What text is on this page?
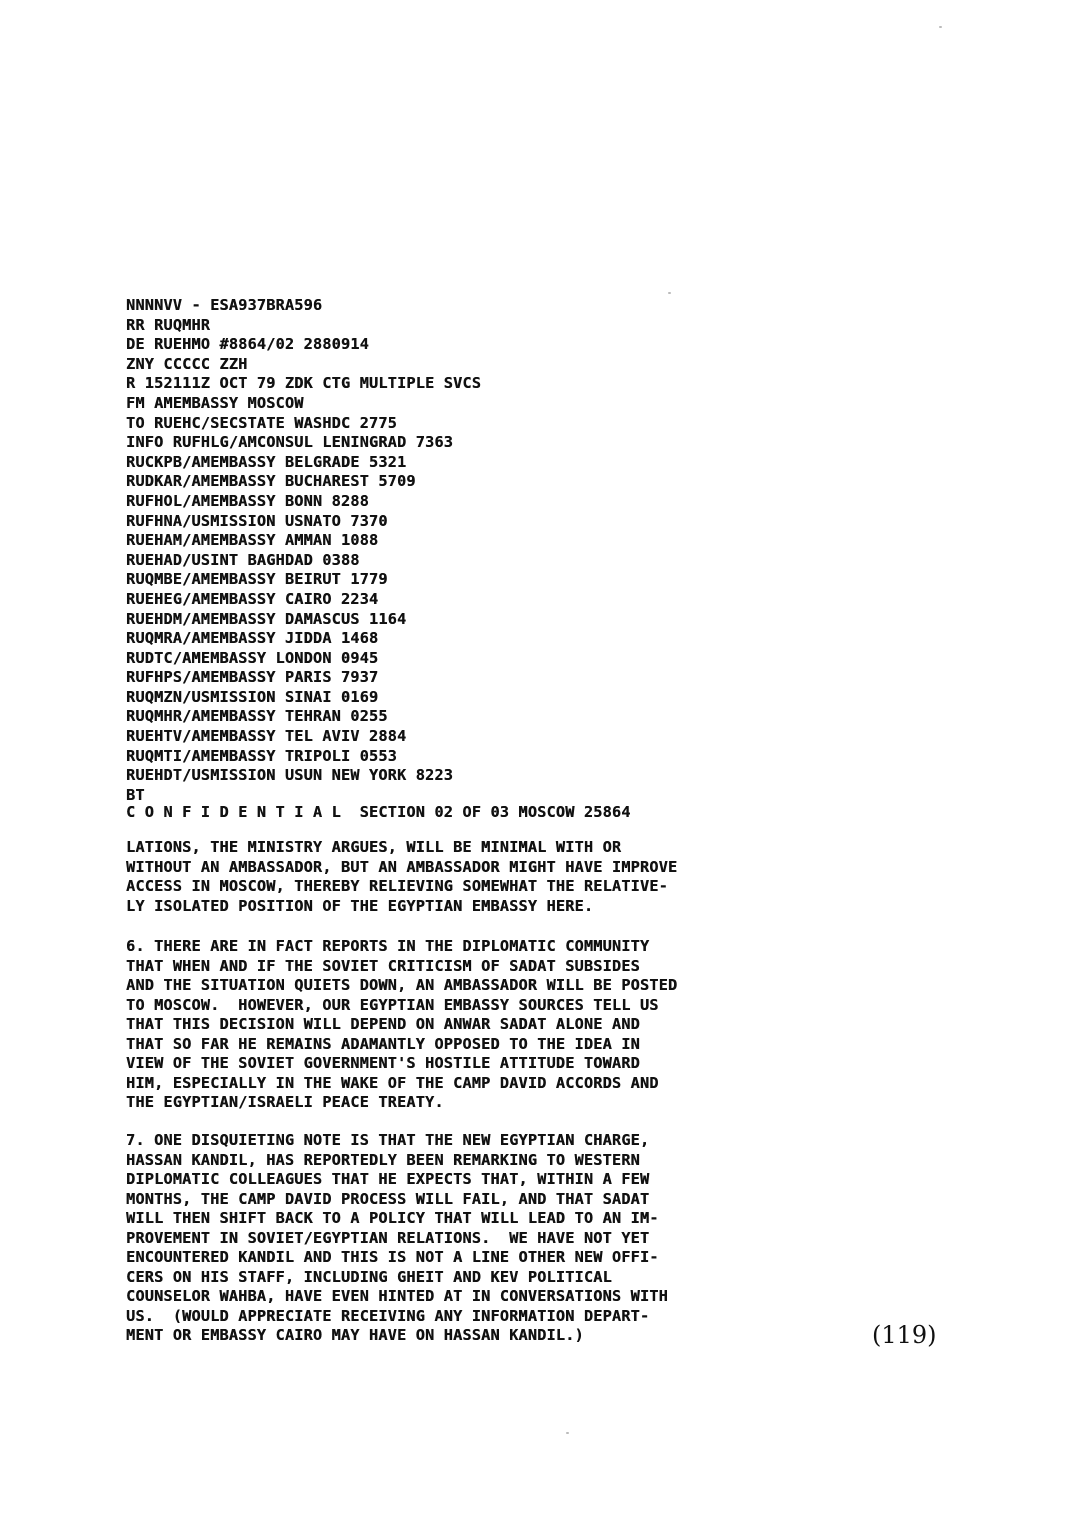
NNNNVV - ESA937BRA596
RR RUQMHR
DE RUEHMO #8864/02 2880914
ZNY CCCCC ZZH
R 152111Z OCT 79 ZDK CTG MULTIPLE SVCS
FM AMEMBASSY MOSCOW
TO RUEHC/SECSTATE WASHDC 2775
INFO RUFHLG/AMCONSUL LENINGRAD 7363
RUCKPB/AMEMBASSY BELGRADE 5321
RUDKAR/AMEMBASSY BUCHAREST 5709
RUFHOL/AMEMBASSY BONN 8288
RUFHNA/USMISSION USNATO 7370
RUEHAM/AMEMBASSY AMMAN 1088
RUEHAD/USINT BAGHDAD 0388
RUQMBE/AMEMBASSY BEIRUT 1779
RUEHEG/AMEMBASSY CAIRO 2234
RUEHDM/AMEMBASSY DAMASCUS 1164
RUQMRA/AMEMBASSY JIDDA 1468
RUDTC/AMEMBASSY LONDON 0945
RUFHPS/AMEMBASSY PARIS 7937
RUQMZN/USMISSION SINAI 0169
RUQMHR/AMEMBASSY TEHRAN 0255
RUEHTV/AMEMBASSY TEL AVIV 2884
RUQMTI/AMEMBASSY TRIPOLI 0553
RUEHDT/USMISSION USUN NEW YORK 8223
BT
C O N F I D E N T I A L  SECTION 02 OF 03 MOSCOW 25864
LATIONS, THE MINISTRY ARGUES, WILL BE MINIMAL WITH OR
WITHOUT AN AMBASSADOR, BUT AN AMBASSADOR MIGHT HAVE IMPROVE
ACCESS IN MOSCOW, THEREBY RELIEVING SOMEWHAT THE RELATIVE-
LY ISOLATED POSITION OF THE EGYPTIAN EMBASSY HERE.
6. THERE ARE IN FACT REPORTS IN THE DIPLOMATIC COMMUNITY
THAT WHEN AND IF THE SOVIET CRITICISM OF SADAT SUBSIDES
AND THE SITUATION QUIETS DOWN, AN AMBASSADOR WILL BE POSTED
TO MOSCOW.  HOWEVER, OUR EGYPTIAN EMBASSY SOURCES TELL US
THAT THIS DECISION WILL DEPEND ON ANWAR SADAT ALONE AND
THAT SO FAR HE REMAINS ADAMANTLY OPPOSED TO THE IDEA IN
VIEW OF THE SOVIET GOVERNMENT'S HOSTILE ATTITUDE TOWARD
HIM, ESPECIALLY IN THE WAKE OF THE CAMP DAVID ACCORDS AND
THE EGYPTIAN/ISRAELI PEACE TREATY.
7. ONE DISQUIETING NOTE IS THAT THE NEW EGYPTIAN CHARGE,
HASSAN KANDIL, HAS REPORTEDLY BEEN REMARKING TO WESTERN
DIPLOMATIC COLLEAGUES THAT HE EXPECTS THAT, WITHIN A FEW
MONTHS, THE CAMP DAVID PROCESS WILL FAIL, AND THAT SADAT
WILL THEN SHIFT BACK TO A POLICY THAT WILL LEAD TO AN IM-
PROVEMENT IN SOVIET/EGYPTIAN RELATIONS.  WE HAVE NOT YET
ENCOUNTERED KANDIL AND THIS IS NOT A LINE OTHER NEW OFFI-
CERS ON HIS STAFF, INCLUDING GHEIT AND KEV POLITICAL
COUNSELOR WAHBA, HAVE EVEN HINTED AT IN CONVERSATIONS WITH
US.  (WOULD APPRECIATE RECEIVING ANY INFORMATION DEPART-
MENT OR EMBASSY CAIRO MAY HAVE ON HASSAN KANDIL.)	(119)
